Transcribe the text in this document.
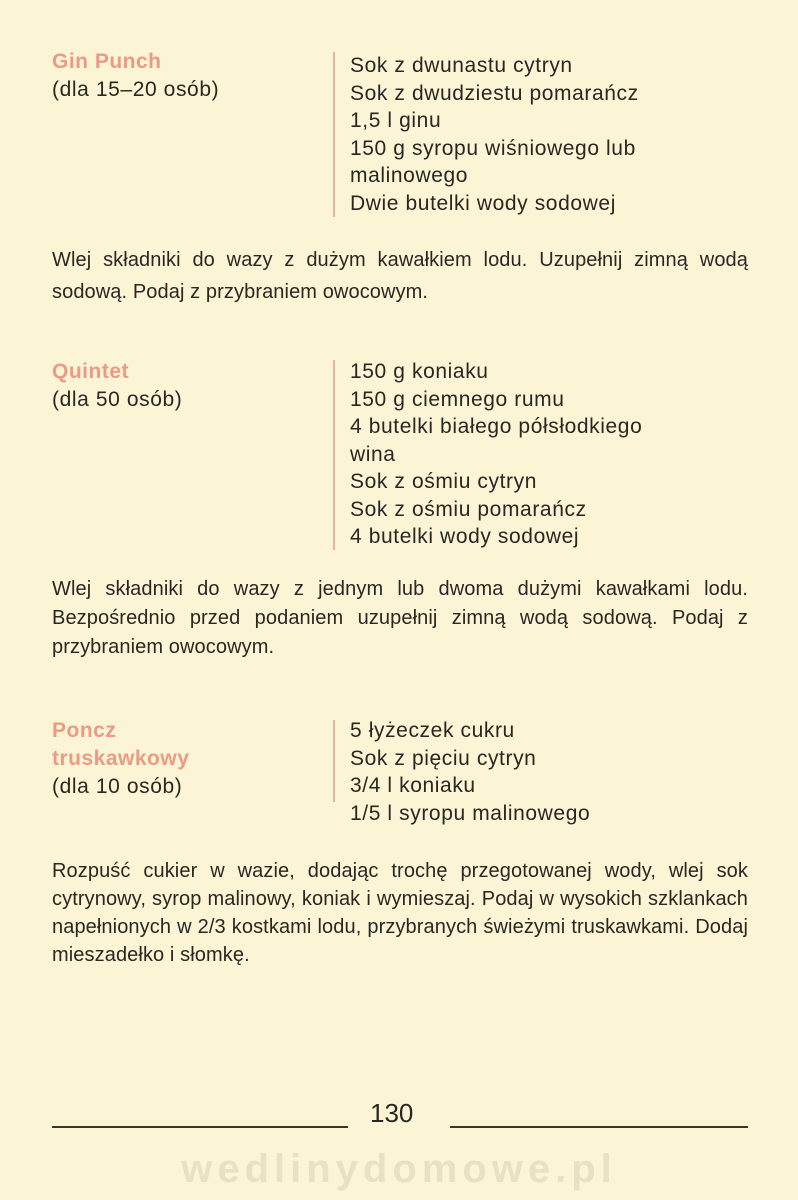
Gin Punch
(dla 15–20 osób)
Sok z dwunastu cytryn
Sok z dwudziestu pomarańcz
1,5 l ginu
150 g syropu wiśniowego lub
malinowego
Dwie butelki wody sodowej
Wlej składniki do wazy z dużym kawałkiem lodu. Uzupełnij zimną wodą sodową. Podaj z przybraniem owocowym.
Quintet
(dla 50 osób)
150 g koniaku
150 g ciemnego rumu
4 butelki białego półsłodkiego
wina
Sok z ośmiu cytryn
Sok z ośmiu pomarańcz
4 butelki wody sodowej
Wlej składniki do wazy z jednym lub dwoma dużymi kawałkami lodu. Bezpośrednio przed podaniem uzupełnij zimną wodą sodową. Podaj z przybraniem owocowym.
Poncz
truskawkowy
(dla 10 osób)
5 łyżeczek cukru
Sok z pięciu cytryn
3/4 l koniaku
1/5 l syropu malinowego
Rozpuść cukier w wazie, dodając trochę przegotowanej wody, wlej sok cytrynowy, syrop malinowy, koniak i wymieszaj. Podaj w wysokich szklankach napełnionych w 2/3 kostkami lodu, przybranych świeżymi truskawkami. Dodaj mieszadełko i słomkę.
130
wedlinydomowe.pl
